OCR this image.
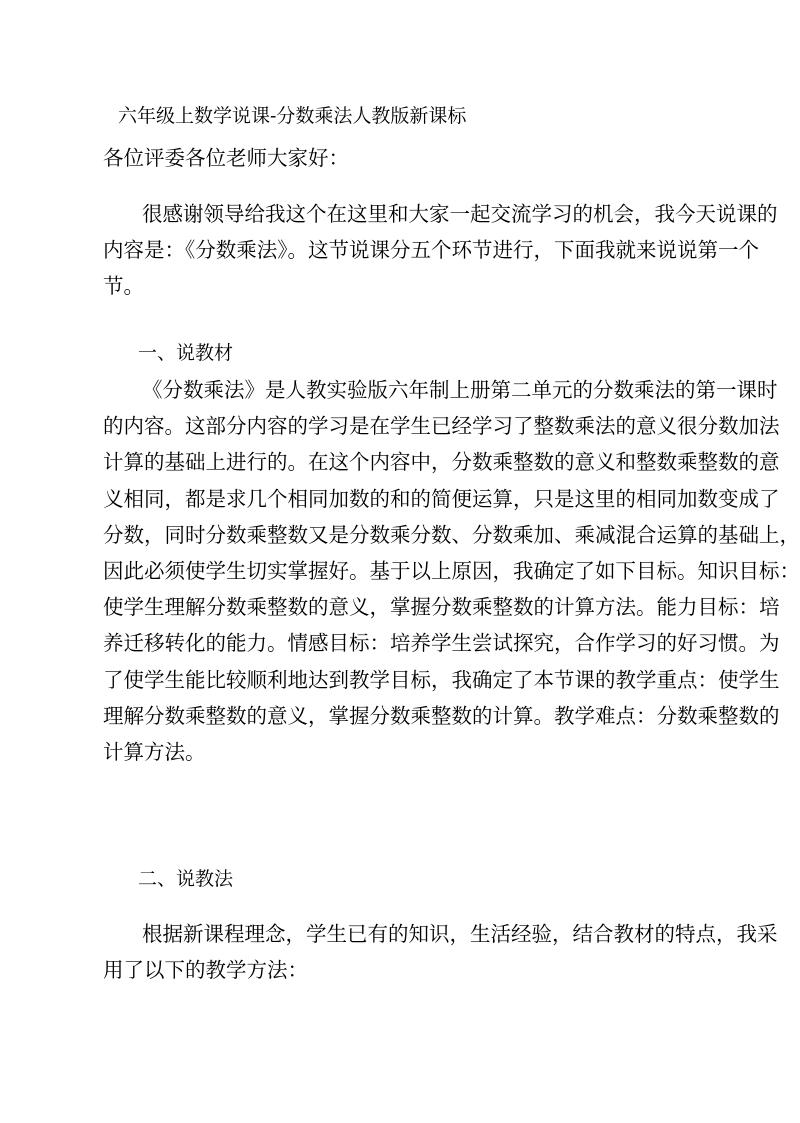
六年级上数学说课-分数乘法人教版新课标
各位评委各位老师大家好：
很感谢领导给我这个在这里和大家一起交流学习的机会，我今天说课的
内容是：《分数乘法》。这节说课分五个环节进行，下面我就来说说第一个
节。
一、说教材
《分数乘法》是人教实验版六年制上册第二单元的分数乘法的第一课时
的内容。这部分内容的学习是在学生已经学习了整数乘法的意义很分数加法
计算的基础上进行的。在这个内容中，分数乘整数的意义和整数乘整数的意
义相同，都是求几个相同加数的和的简便运算，只是这里的相同加数变成了
分数，同时分数乘整数又是分数乘分数、分数乘加、乘减混合运算的基础上，
因此必须使学生切实掌握好。基于以上原因，我确定了如下目标。知识目标：
使学生理解分数乘整数的意义，掌握分数乘整数的计算方法。能力目标：培
养迁移转化的能力。情感目标：培养学生尝试探究，合作学习的好习惯。为
了使学生能比较顺利地达到教学目标，我确定了本节课的教学重点：使学生
理解分数乘整数的意义，掌握分数乘整数的计算。教学难点：分数乘整数的
计算方法。
二、说教法
根据新课程理念，学生已有的知识，生活经验，结合教材的特点，我采
用了以下的教学方法：
